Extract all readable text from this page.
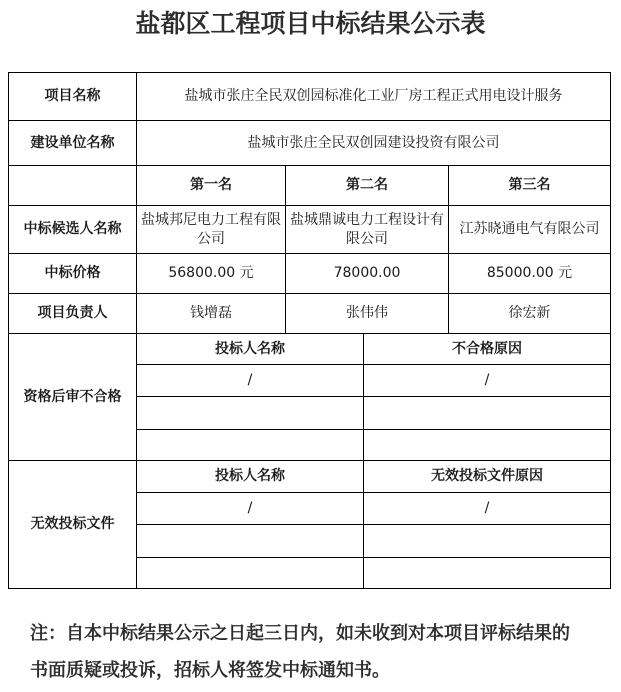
盐都区工程项目中标结果公示表
项目名称	盐城市张庄全民双创园标准化工业厂房工程正式用电设计服务			
建设单位名称	盐城市张庄全民双创园建设投资有限公司			
	第一名	第二名		第三名
中标候选人名称	盐城邦尼电力工程有限公司	盐城鼎诚电力工程设计有限公司		江苏晓通电气有限公司
中标价格	56800.00 元	78000.00		85000.00 元
项目负责人	钱增磊	张伟伟		徐宏新
资格后审不合格	投标人名称		不合格原因	
	/		/	

无效投标文件	投标人名称		无效投标文件原因	
	/		/	

注：自本中标结果公示之日起三日内，如未收到对本项目评标结果的书面质疑或投诉，招标人将签发中标通知书。
